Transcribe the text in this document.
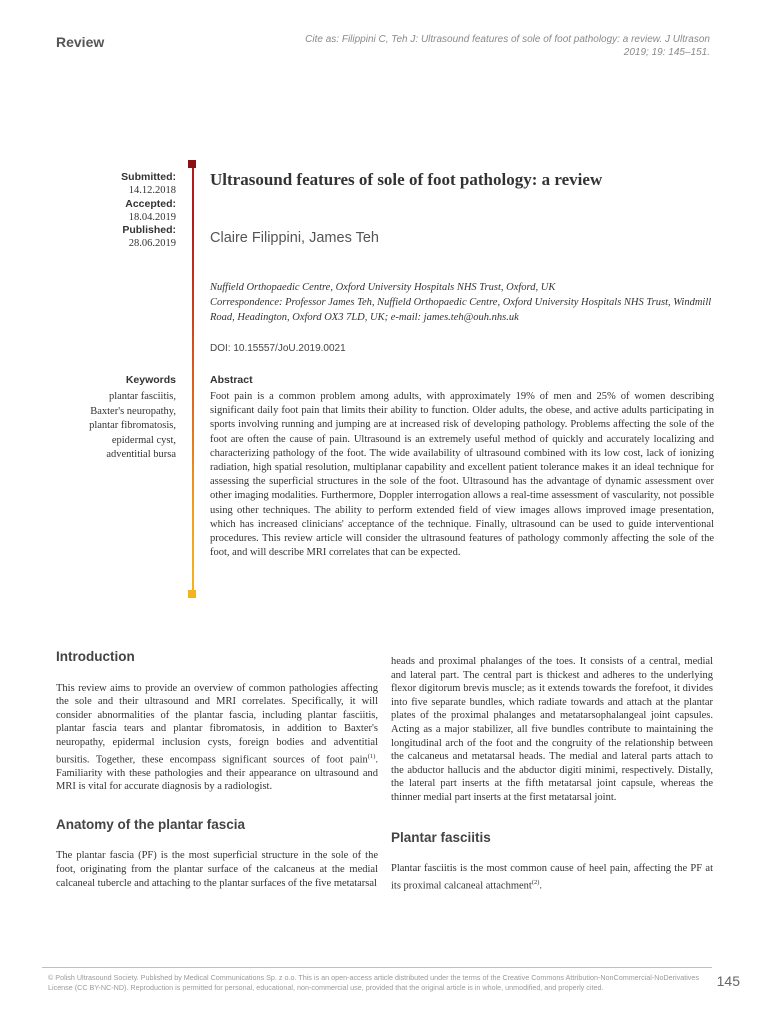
Review	Cite as: Filippini C, Teh J: Ultrasound features of sole of foot pathology: a review. J Ultrason 2019; 19: 145–151.
Submitted:
14.12.2018
Accepted:
18.04.2019
Published:
28.06.2019
Ultrasound features of sole of foot pathology: a review
Claire Filippini, James Teh
Nuffield Orthopaedic Centre, Oxford University Hospitals NHS Trust, Oxford, UK
Correspondence: Professor James Teh, Nuffield Orthopaedic Centre, Oxford University Hospitals NHS Trust, Windmill Road, Headington, Oxford OX3 7LD, UK; e-mail: james.teh@ouh.nhs.uk
DOI: 10.15557/JoU.2019.0021
Keywords
plantar fasciitis,
Baxter's neuropathy,
plantar fibromatosis,
epidermal cyst,
adventitial bursa
Abstract

Foot pain is a common problem among adults, with approximately 19% of men and 25% of women describing significant daily foot pain that limits their ability to function. Older adults, the obese, and active adults participating in sports involving running and jumping are at increased risk of developing pathology. Problems affecting the sole of the foot are often the cause of pain. Ultrasound is an extremely useful method of quickly and accurately localizing and characterizing pathology of the foot. The wide availability of ultrasound combined with its low cost, lack of ionizing radiation, high spatial resolution, multiplanar capability and excellent patient tolerance makes it an ideal technique for assessing the superficial structures in the sole of the foot. Ultrasound has the advantage of dynamic assessment over other imaging modalities. Furthermore, Doppler interrogation allows a real-time assessment of vascularity, not possible using other techniques. The ability to perform extended field of view images allows improved image presentation, which has increased clinicians' acceptance of the technique. Finally, ultrasound can be used to guide interventional procedures. This review article will consider the ultrasound features of pathology commonly affecting the sole of the foot, and will describe MRI correlates that can be expected.

Introduction

This review aims to provide an overview of common pathologies affecting the sole and their ultrasound and MRI correlates. Specifically, it will consider abnormalities of the plantar fascia, including plantar fasciitis, plantar fascia tears and plantar fibromatosis, in addition to Baxter's neuropathy, epidermal inclusion cysts, foreign bodies and adventitial bursitis. Together, these encompass significant sources of foot pain$^{(1)}$. Familiarity with these pathologies and their appearance on ultrasound and MRI is vital for accurate diagnosis by a radiologist.

Anatomy of the plantar fascia

The plantar fascia (PF) is the most superficial structure in the sole of the foot, originating from the plantar surface of the calcaneus at the medial calcaneal tubercle and attaching to the plantar surfaces of the five metatarsal

heads and proximal phalanges of the toes. It consists of a central, medial and lateral part. The central part is thickest and adheres to the underlying flexor digitorum brevis muscle; as it extends towards the forefoot, it divides into five separate bundles, which radiate towards and attach at the plantar plates of the proximal phalanges and metatarsophalangeal joint capsules. Acting as a major stabilizer, all five bundles contribute to maintaining the longitudinal arch of the foot and the congruity of the relationship between the calcaneus and metatarsal heads. The medial and lateral parts attach to the abductor hallucis and the abductor digiti minimi, respectively. Distally, the lateral part inserts at the fifth metatarsal joint capsule, whereas the thinner medial part inserts at the first metatarsal joint.

Plantar fasciitis

Plantar fasciitis is the most common cause of heel pain, affecting the PF at its proximal calcaneal attachment$^{(2)}$.

© Polish Ultrasound Society. Published by Medical Communications Sp. z o.o. This is an open-access article distributed under the terms of the Creative Commons Attribution-NonCommercial-NoDerivatives License (CC BY-NC-ND). Reproduction is permitted for personal, educational, non-commercial use, provided that the original article is in whole, unmodified, and properly cited.	145
